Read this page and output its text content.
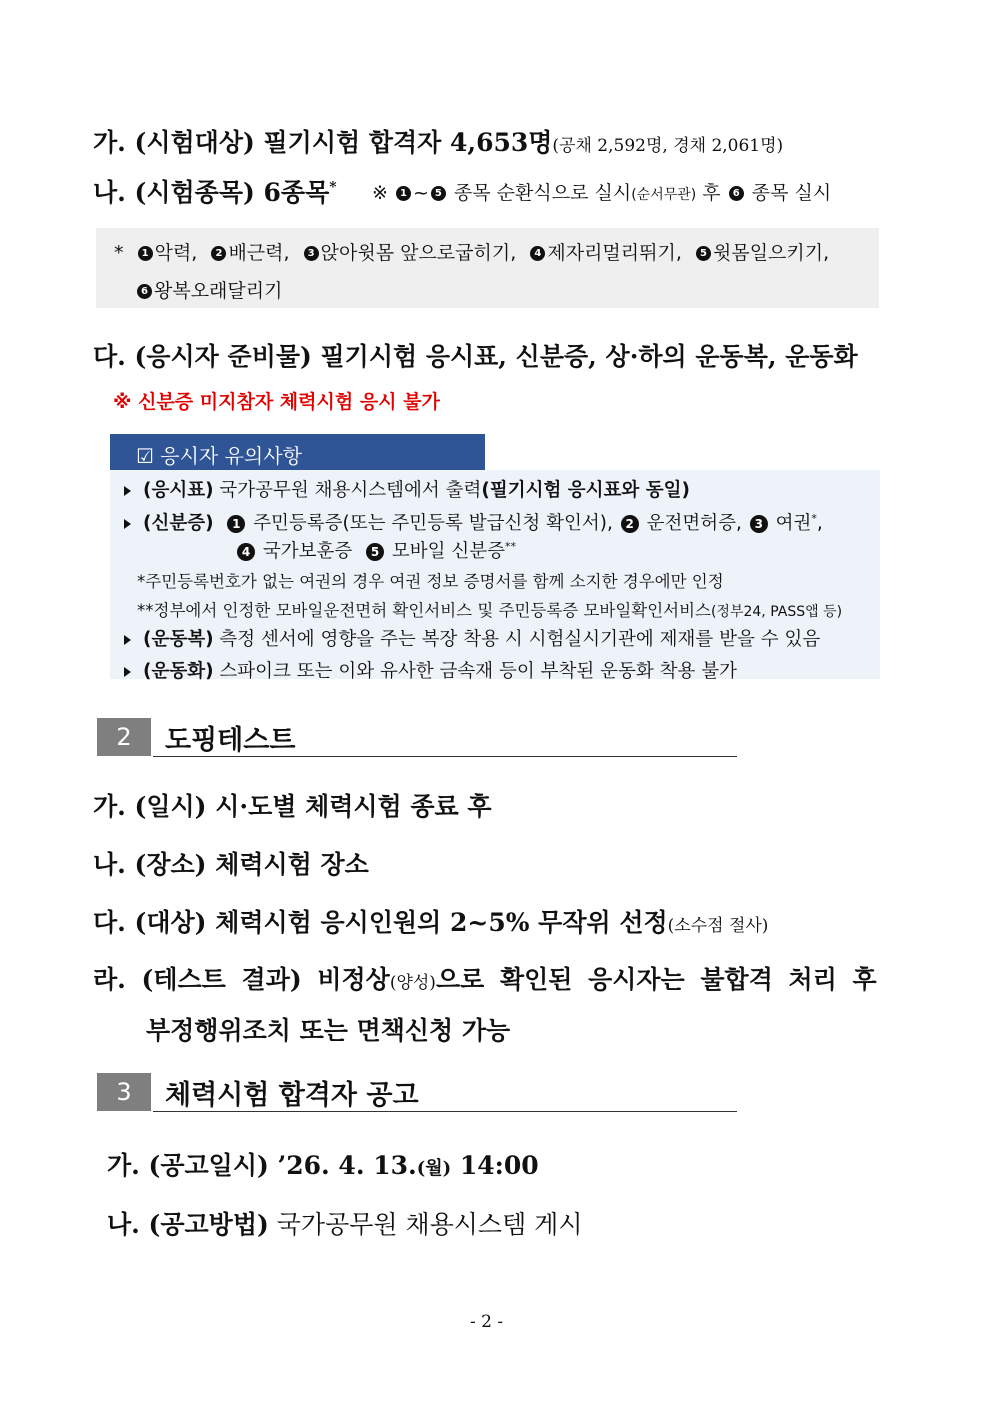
가. (시험대상) 필기시험 합격자 4,653명(공채 2,592명, 경채 2,061명)
나. (시험종목) 6종목* ※ 1 ~ 5 종목 순환식으로 실시(순서무관) 후 6 종목 실시
* 1 악력, 2 배근력, 3 앉아윗몸 앞으로굽히기, 4 제자리멀리뛰기, 5 윗몸일으키기,
6 왕복오래달리기
다. (응시자 준비물) 필기시험 응시표, 신분증, 상·하의 운동복, 운동화
※ 신분증 미지참자 체력시험 응시 불가
☑ 응시자 유의사항
(응시표) 국가공무원 채용시스템에서 출력(필기시험 응시표와 동일)
(신분증) 1 주민등록증(또는 주민등록 발급신청 확인서), 2 운전면허증, 3 여권*,
4 국가보훈증 5 모바일 신분증**
*주민등록번호가 없는 여권의 경우 여권 정보 증명서를 함께 소지한 경우에만 인정
**정부에서 인정한 모바일운전면허 확인서비스 및 주민등록증 모바일확인서비스(정부24, PASS앱 등)
(운동복) 측정 센서에 영향을 주는 복장 착용 시 시험실시기관에 제재를 받을 수 있음
(운동화) 스파이크 또는 이와 유사한 금속재 등이 부착된 운동화 착용 불가
2	도핑테스트
가. (일시) 시·도별 체력시험 종료 후
나. (장소) 체력시험 장소
다. (대상) 체력시험 응시인원의 2~5% 무작위 선정(소수점 절사)
라. (테스트 결과) 비정상(양성)으로 확인된 응시자는 불합격 처리 후
부정행위조치 또는 면책신청 가능
3	체력시험 합격자 공고
가. (공고일시) ’26. 4. 13.(월) 14:00
나. (공고방법) 국가공무원 채용시스템 게시
- 2 -
